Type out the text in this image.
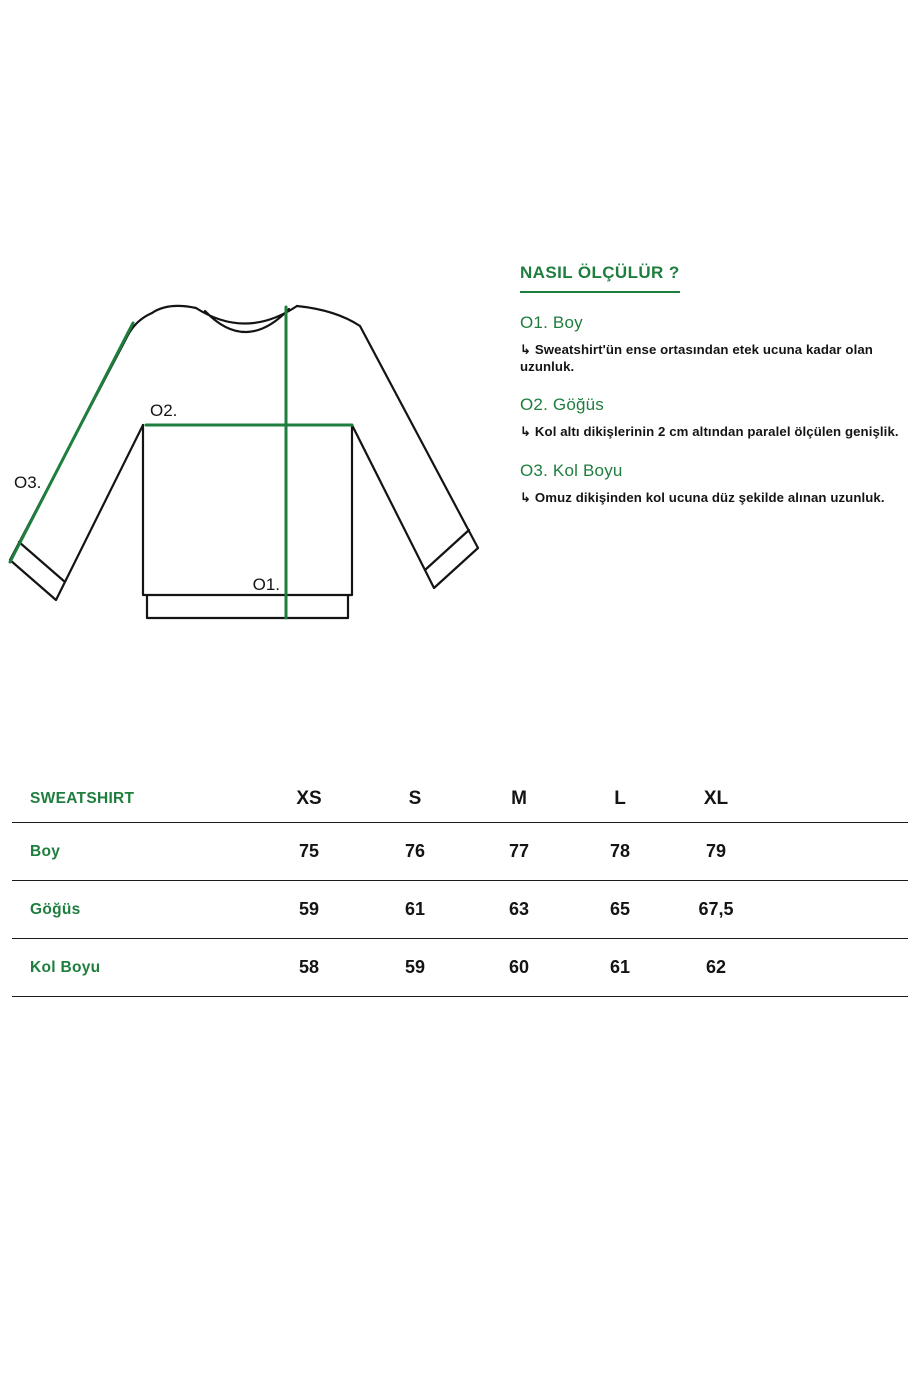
O2.
O1.
O3.
NASIL ÖLÇÜLÜR ?
O1. Boy
↳ Sweatshirt'ün ense ortasından etek ucuna kadar olan uzunluk.
O2. Göğüs
↳ Kol altı dikişlerinin 2 cm altından paralel ölçülen genişlik.
O3. Kol Boyu
↳ Omuz dikişinden kol ucuna düz şekilde alınan uzunluk.
SWEATSHIRT	XS	S	M	L	XL
Boy	75	76	77	78	79
Göğüs	59	61	63	65	67,5
Kol Boyu	58	59	60	61	62
